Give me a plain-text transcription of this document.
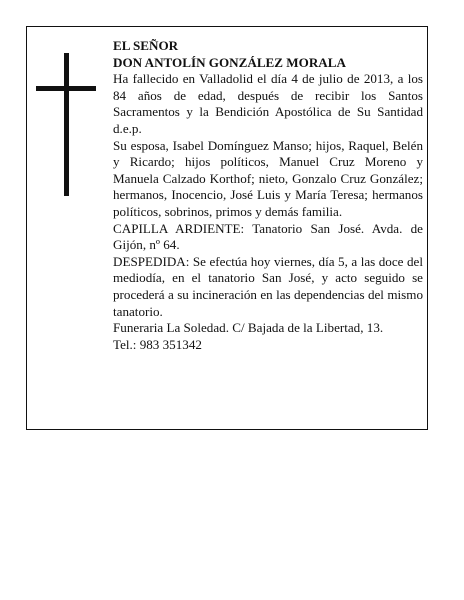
EL SEÑOR

DON ANTOLÍN GONZÁLEZ MORALA

Ha fallecido en Valladolid el día 4 de julio de 2013, a los 84 años de edad, después de recibir los Santos Sacramentos y la Bendición Apostólica de Su Santidad d.e.p.

Su esposa, Isabel Domínguez Manso; hijos, Raquel, Belén y Ricardo; hijos políticos, Manuel Cruz Moreno y Manuela Calzado Korthof; nieto, Gonzalo Cruz González; hermanos, Inocencio, José Luis y María Teresa; hermanos políticos, sobrinos, primos y demás familia.

CAPILLA ARDIENTE: Tanatorio San José. Avda. de Gijón, nº 64.

DESPEDIDA: Se efectúa hoy viernes, día 5, a las doce del mediodía, en el tanatorio San José, y acto seguido se procederá a su incineración en las dependencias del mismo tanatorio.

Funeraria La Soledad. C/ Bajada de la Libertad, 13.

Tel.: 983 351342
